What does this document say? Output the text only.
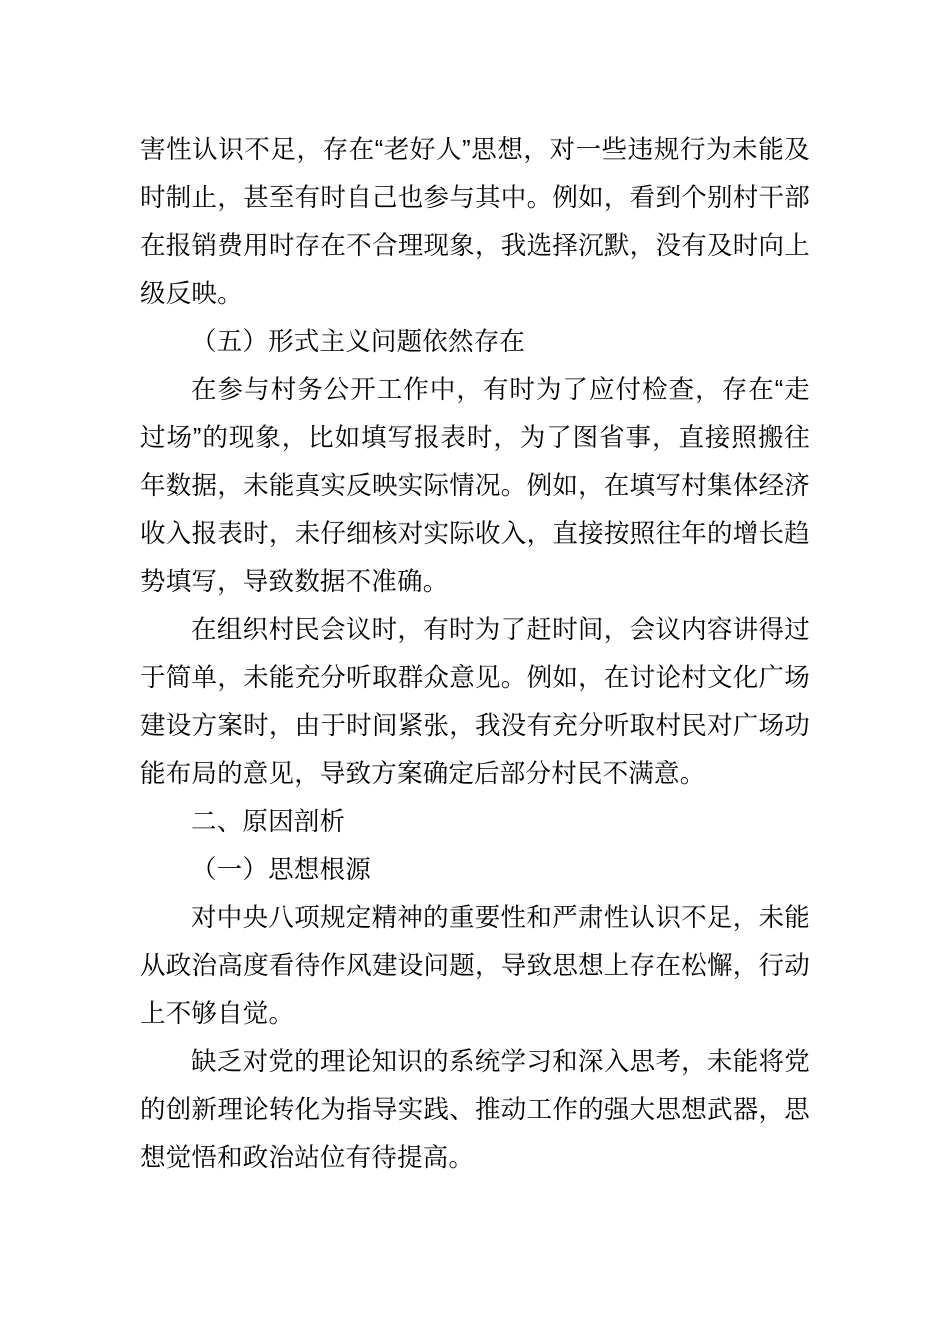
害性认识不足，存在“老好人”思想，对一些违规行为未能及时制止，甚至有时自己也参与其中。例如，看到个别村干部在报销费用时存在不合理现象，我选择沉默，没有及时向上级反映。

（五）形式主义问题依然存在

在参与村务公开工作中，有时为了应付检查，存在“走过场”的现象，比如填写报表时，为了图省事，直接照搬往年数据，未能真实反映实际情况。例如，在填写村集体经济收入报表时，未仔细核对实际收入，直接按照往年的增长趋势填写，导致数据不准确。

在组织村民会议时，有时为了赶时间，会议内容讲得过于简单，未能充分听取群众意见。例如，在讨论村文化广场建设方案时，由于时间紧张，我没有充分听取村民对广场功能布局的意见，导致方案确定后部分村民不满意。

二、原因剖析

（一）思想根源

对中央八项规定精神的重要性和严肃性认识不足，未能从政治高度看待作风建设问题，导致思想上存在松懈，行动上不够自觉。

缺乏对党的理论知识的系统学习和深入思考，未能将党的创新理论转化为指导实践、推动工作的强大思想武器，思想觉悟和政治站位有待提高。
